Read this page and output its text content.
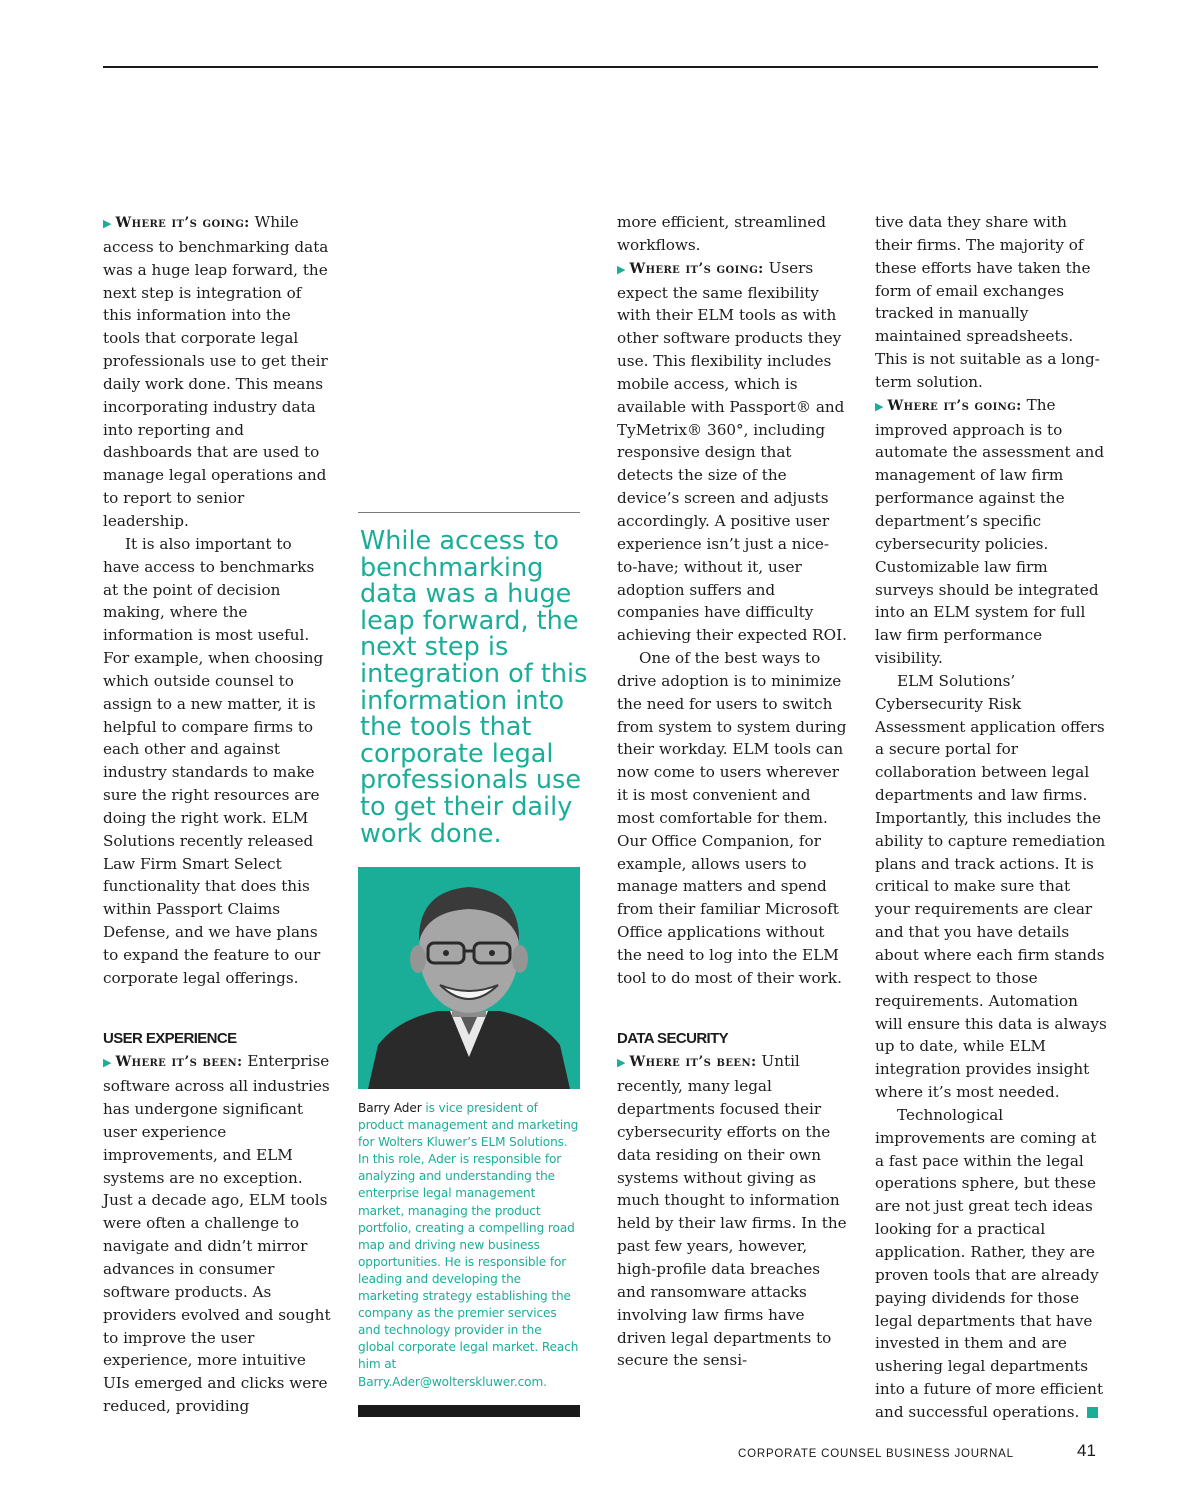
▶ Where it’s going: While access to benchmarking data was a huge leap forward, the next step is integration of this information into the tools that corporate legal professionals use to get their daily work done. This means incorporating industry data into reporting and dashboards that are used to manage legal operations and to report to senior leadership.

It is also important to have access to benchmarks at the point of decision making, where the information is most useful. For example, when choosing which outside counsel to assign to a new matter, it is helpful to compare firms to each other and against industry standards to make sure the right resources are doing the right work. ELM Solutions recently released Law Firm Smart Select functionality that does this within Passport Claims Defense, and we have plans to expand the feature to our corporate legal offerings.

USER EXPERIENCE

▶ Where it’s been: Enterprise software across all industries has undergone significant user experience improvements, and ELM systems are no exception. Just a decade ago, ELM tools were often a challenge to navigate and didn’t mirror advances in consumer software products. As providers evolved and sought to improve the user experience, more intuitive UIs emerged and clicks were reduced, providing

While access to benchmarking data was a huge leap forward, the next step is integration of this information into the tools that corporate legal professionals use to get their daily work done.

Barry Ader is vice president of product management and marketing for Wolters Kluwer’s ELM Solutions. In this role, Ader is responsible for analyzing and understanding the enterprise legal management market, managing the product portfolio, creating a compelling road map and driving new business opportunities. He is responsible for leading and developing the marketing strategy establishing the company as the premier services and technology provider in the global corporate legal market. Reach him at Barry.Ader@wolterskluwer.com.

more efficient, streamlined workflows.

▶ Where it’s going: Users expect the same flexibility with their ELM tools as with other software products they use. This flexibility includes mobile access, which is available with Passport® and TyMetrix® 360°, including responsive design that detects the size of the device’s screen and adjusts accordingly. A positive user experience isn’t just a nice-to-have; without it, user adoption suffers and companies have difficulty achieving their expected ROI.

One of the best ways to drive adoption is to minimize the need for users to switch from system to system during their workday. ELM tools can now come to users wherever it is most convenient and most comfortable for them. Our Office Companion, for example, allows users to manage matters and spend from their familiar Microsoft Office applications without the need to log into the ELM tool to do most of their work.

DATA SECURITY

▶ Where it’s been: Until recently, many legal departments focused their cybersecurity efforts on the data residing on their own systems without giving as much thought to information held by their law firms. In the past few years, however, high-profile data breaches and ransomware attacks involving law firms have driven legal departments to secure the sensi-

tive data they share with their firms. The majority of these efforts have taken the form of email exchanges tracked in manually maintained spreadsheets. This is not suitable as a long-term solution.

▶ Where it’s going: The improved approach is to automate the assessment and management of law firm performance against the department’s specific cybersecurity policies. Customizable law firm surveys should be integrated into an ELM system for full law firm performance visibility.

ELM Solutions’ Cybersecurity Risk Assessment application offers a secure portal for collaboration between legal departments and law firms. Importantly, this includes the ability to capture remediation plans and track actions. It is critical to make sure that your requirements are clear and that you have details about where each firm stands with respect to those requirements. Automation will ensure this data is always up to date, while ELM integration provides insight where it’s most needed.

Technological improvements are coming at a fast pace within the legal operations sphere, but these are not just great tech ideas looking for a practical application. Rather, they are proven tools that are already paying dividends for those legal departments that have invested in them and are ushering legal departments into a future of more efficient and successful operations.

CORPORATE COUNSEL BUSINESS JOURNAL	41
